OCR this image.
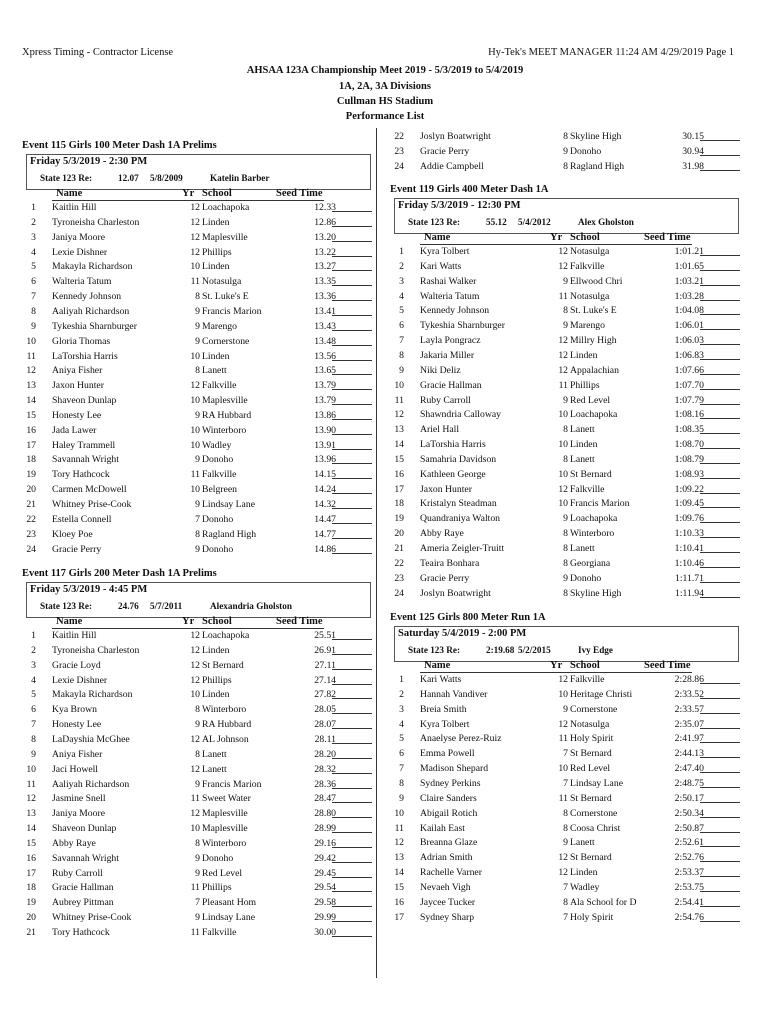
Xpress Timing - Contractor License	Hy-Tek's MEET MANAGER 11:24 AM 4/29/2019 Page 1
AHSAA 123A Championship Meet 2019 - 5/3/2019 to 5/4/2019
1A, 2A, 3A Divisions
Cullman HS Stadium
Performance List
22 Joslyn Boatwright	8 Skyline High	30.15
23 Gracie Perry	9 Donoho	30.94
24 Addie Campbell	8 Ragland High	31.98
Event 115 Girls 100 Meter Dash 1A Prelims
Friday 5/3/2019 - 2:30 PM
State 123 Re:	12.07 5/8/2009	Katelin Barber
Name	Yr School	Seed Time
1 Kaitlin Hill	12 Loachapoka	12.33
2 Tyroneisha Charleston	12 Linden	12.86
3 Janiya Moore	12 Maplesville	13.20
4 Lexie Dishner	12 Phillips	13.22
5 Makayla Richardson	10 Linden	13.27
6 Walteria Tatum	11 Notasulga	13.35
7 Kennedy Johnson	8 St. Luke's E	13.36
8 Aaliyah Richardson	9 Francis Marion	13.41
9 Tykeshia Sharnburger	9 Marengo	13.43
10 Gloria Thomas	9 Cornerstone	13.48
11 LaTorshia Harris	10 Linden	13.56
12 Aniya Fisher	8 Lanett	13.65
13 Jaxon Hunter	12 Falkville	13.79
14 Shaveon Dunlap	10 Maplesville	13.79
15 Honesty Lee	9 RA Hubbard	13.86
16 Jada Lawer	10 Winterboro	13.90
17 Haley Trammell	10 Wadley	13.91
18 Savannah Wright	9 Donoho	13.96
19 Tory Hathcock	11 Falkville	14.15
20 Carmen McDowell	10 Belgreen	14.24
21 Whitney Prise-Cook	9 Lindsay Lane	14.32
22 Estella Connell	7 Donoho	14.47
23 Kloey Poe	8 Ragland High	14.77
24 Gracie Perry	9 Donoho	14.86
Event 117 Girls 200 Meter Dash 1A Prelims
Friday 5/3/2019 - 4:45 PM
State 123 Re:	24.76 5/7/2011	Alexandria Gholston
Name	Yr School	Seed Time
1 Kaitlin Hill	12 Loachapoka	25.51
2 Tyroneisha Charleston	12 Linden	26.91
3 Gracie Loyd	12 St Bernard	27.11
4 Lexie Dishner	12 Phillips	27.14
5 Makayla Richardson	10 Linden	27.82
6 Kya Brown	8 Winterboro	28.05
7 Honesty Lee	9 RA Hubbard	28.07
8 LaDayshia McGhee	12 AL Johnson	28.11
9 Aniya Fisher	8 Lanett	28.20
10 Jaci Howell	12 Lanett	28.32
11 Aaliyah Richardson	9 Francis Marion	28.36
12 Jasmine Snell	11 Sweet Water	28.47
13 Janiya Moore	12 Maplesville	28.80
14 Shaveon Dunlap	10 Maplesville	28.99
15 Abby Raye	8 Winterboro	29.16
16 Savannah Wright	9 Donoho	29.42
17 Ruby Carroll	9 Red Level	29.45
18 Gracie Hallman	11 Phillips	29.54
19 Aubrey Pittman	7 Pleasant Hom	29.58
20 Whitney Prise-Cook	9 Lindsay Lane	29.99
21 Tory Hathcock	11 Falkville	30.00
Event 119 Girls 400 Meter Dash 1A
Friday 5/3/2019 - 12:30 PM
State 123 Re:	55.12 5/4/2012	Alex Gholston
Name	Yr School	Seed Time
1 Kyra Tolbert	12 Notasulga	1:01.21
2 Kari Watts	12 Falkville	1:01.65
3 Rashai Walker	9 Ellwood Chri	1:03.21
4 Walteria Tatum	11 Notasulga	1:03.28
5 Kennedy Johnson	8 St. Luke's E	1:04.08
6 Tykeshia Sharnburger	9 Marengo	1:06.01
7 Layla Pongracz	12 Millry High	1:06.03
8 Jakaria Miller	12 Linden	1:06.83
9 Niki Deliz	12 Appalachian	1:07.66
10 Gracie Hallman	11 Phillips	1:07.70
11 Ruby Carroll	9 Red Level	1:07.79
12 Shawndria Calloway	10 Loachapoka	1:08.16
13 Ariel Hall	8 Lanett	1:08.35
14 LaTorshia Harris	10 Linden	1:08.70
15 Samahria Davidson	8 Lanett	1:08.79
16 Kathleen George	10 St Bernard	1:08.93
17 Jaxon Hunter	12 Falkville	1:09.22
18 Kristalyn Steadman	10 Francis Marion	1:09.45
19 Quandraniya Walton	9 Loachapoka	1:09.76
20 Abby Raye	8 Winterboro	1:10.33
21 Ameria Zeigler-Truitt	8 Lanett	1:10.41
22 Teaira Bonhara	8 Georgiana	1:10.46
23 Gracie Perry	9 Donoho	1:11.71
24 Joslyn Boatwright	8 Skyline High	1:11.94
Event 125 Girls 800 Meter Run 1A
Saturday 5/4/2019 - 2:00 PM
State 123 Re:	2:19.68 5/2/2015	Ivy Edge
Name	Yr School	Seed Time
1 Kari Watts	12 Falkville	2:28.86
2 Hannah Vandiver	10 Heritage Christi	2:33.52
3 Breia Smith	9 Cornerstone	2:33.57
4 Kyra Tolbert	12 Notasulga	2:35.07
5 Anaelyse Perez-Ruiz	11 Holy Spirit	2:41.97
6 Emma Powell	7 St Bernard	2:44.13
7 Madison Shepard	10 Red Level	2:47.40
8 Sydney Perkins	7 Lindsay Lane	2:48.75
9 Claire Sanders	11 St Bernard	2:50.17
10 Abigail Rotich	8 Cornerstone	2:50.34
11 Kailah East	8 Coosa Christ	2:50.87
12 Breanna Glaze	9 Lanett	2:52.61
13 Adrian Smith	12 St Bernard	2:52.76
14 Rachelle Varner	12 Linden	2:53.37
15 Nevaeh Vigh	7 Wadley	2:53.75
16 Jaycee Tucker	8 Ala School for D	2:54.41
17 Sydney Sharp	7 Holy Spirit	2:54.76
